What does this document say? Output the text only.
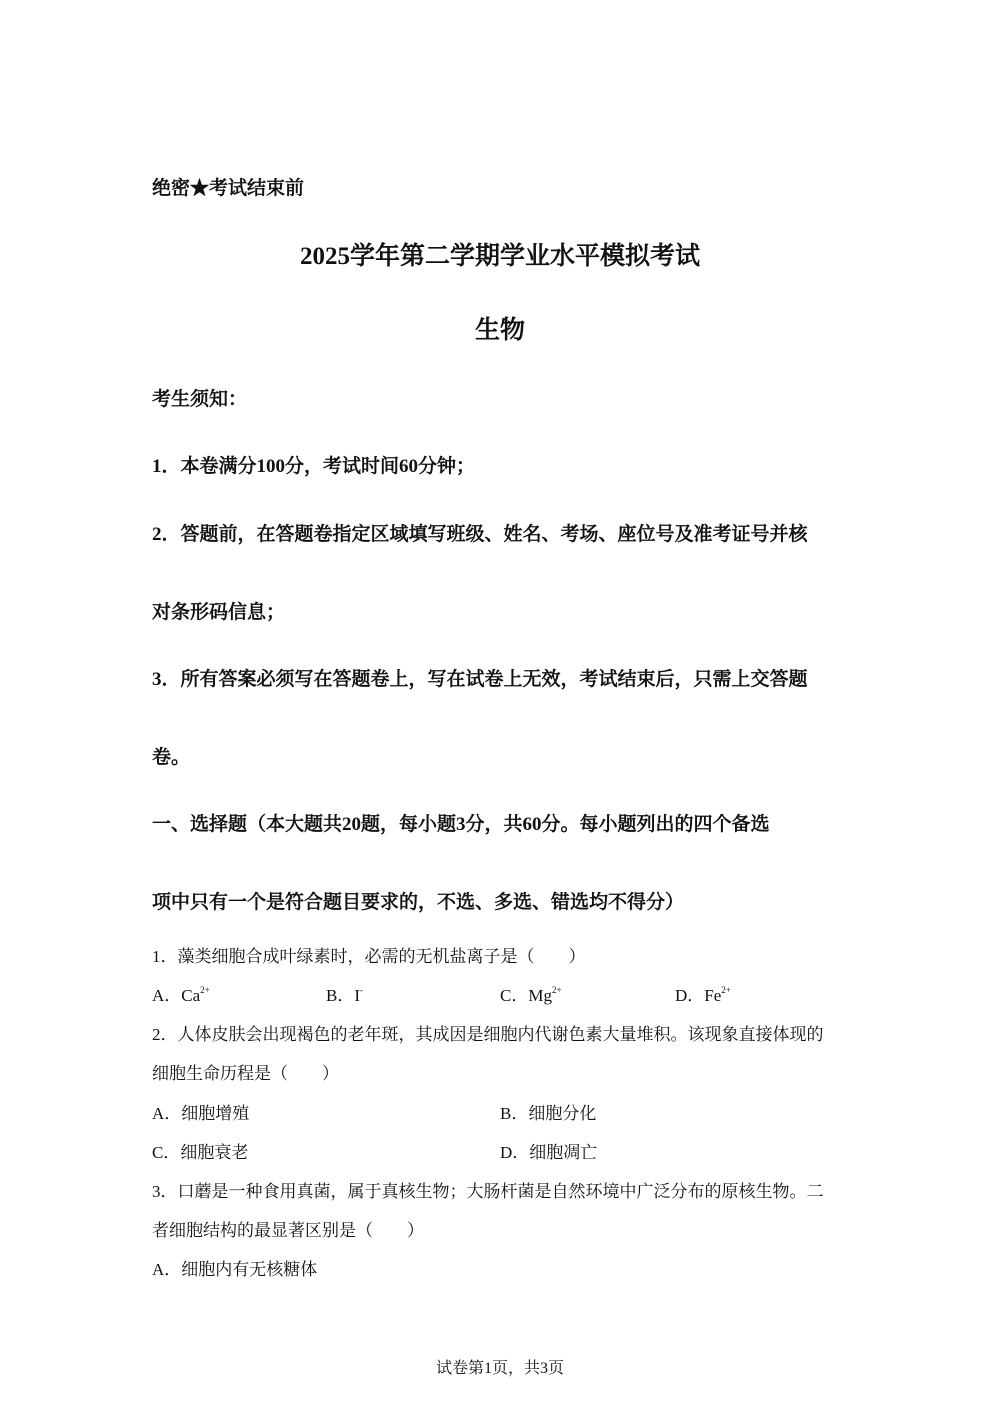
绝密★考试结束前
2025学年第二学期学业水平模拟考试
生物
考生须知：
1．本卷满分100分，考试时间60分钟；
2．答题前，在答题卷指定区域填写班级、姓名、考场、座位号及准考证号并核
对条形码信息；
3．所有答案必须写在答题卷上，写在试卷上无效，考试结束后，只需上交答题
卷。
一、选择题（本大题共20题，每小题3分，共60分。每小题列出的四个备选
项中只有一个是符合题目要求的，不选、多选、错选均不得分）
1．藻类细胞合成叶绿素时，必需的无机盐离子是（　　）
A．$Ca^{2+}$	B．I-	C．$Mg^{2+}$	D．$Fe^{2+}$
2．人体皮肤会出现褐色的老年斑，其成因是细胞内代谢色素大量堆积。该现象直接体现的
细胞生命历程是（　　）
A．细胞增殖	B．细胞分化
C．细胞衰老	D．细胞凋亡
3．口蘑是一种食用真菌，属于真核生物；大肠杆菌是自然环境中广泛分布的原核生物。二
者细胞结构的最显著区别是（　　）
A．细胞内有无核糖体
试卷第1页，共3页
